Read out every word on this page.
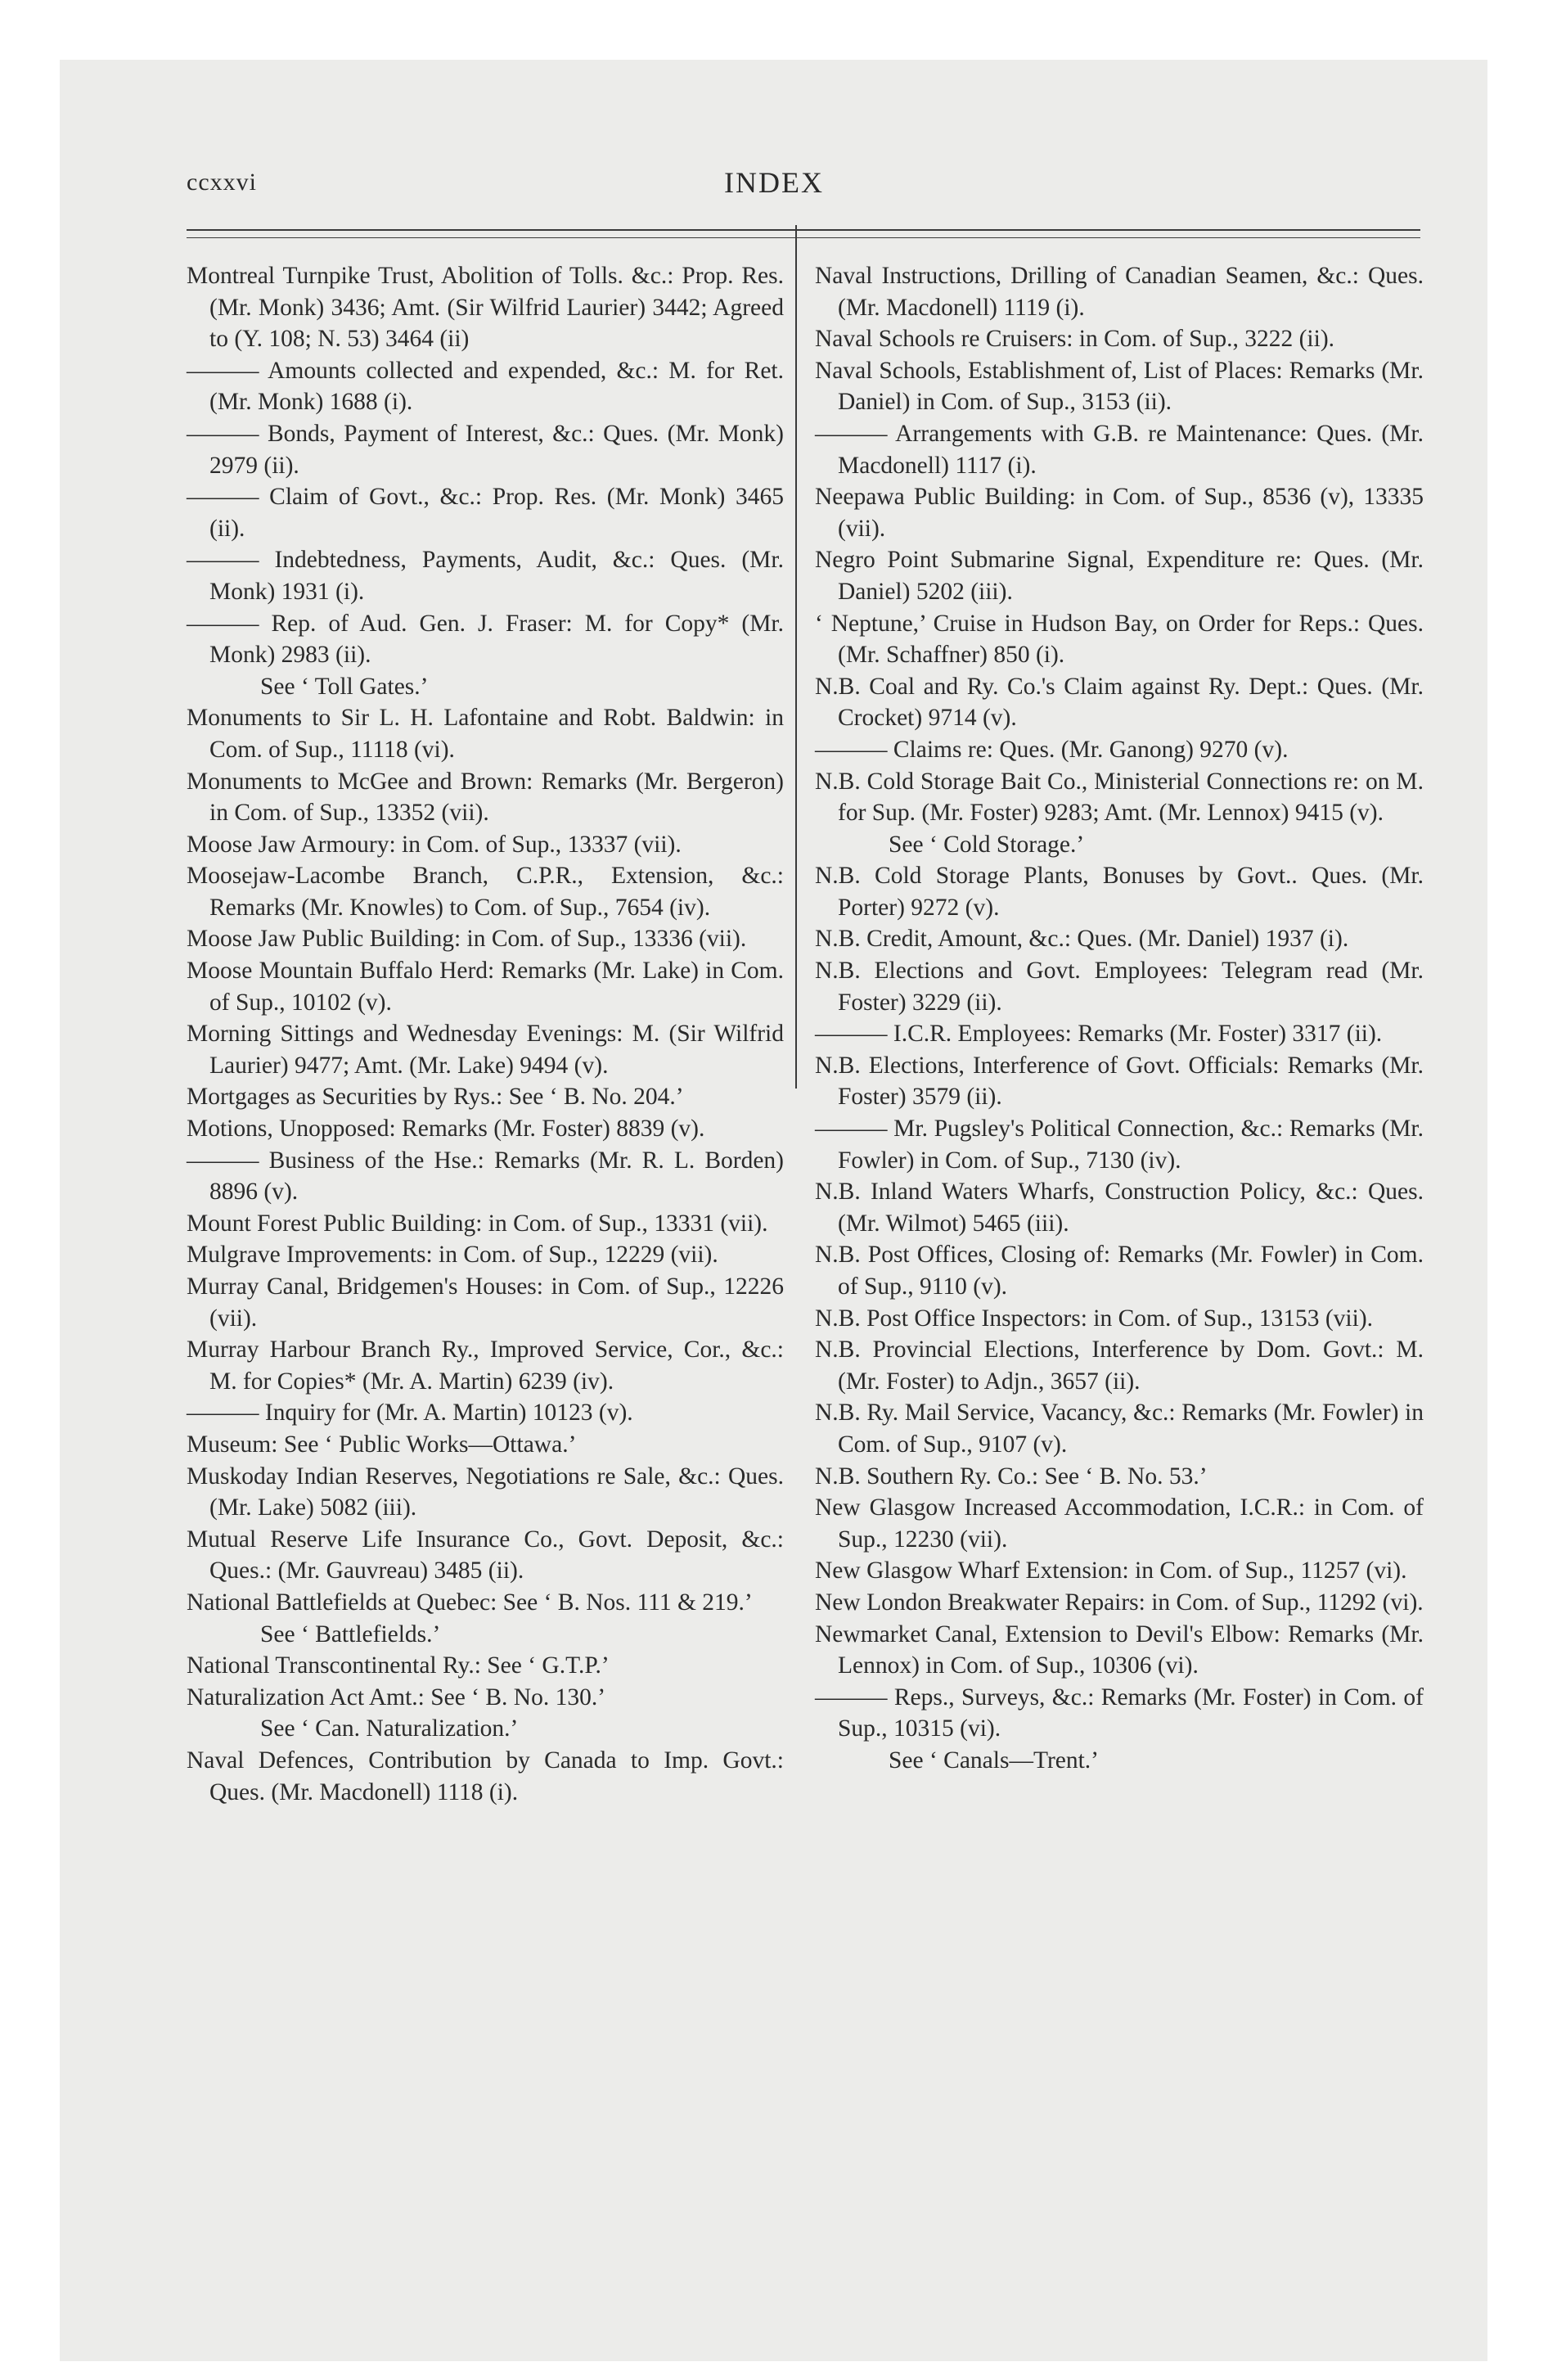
ccxxvi	INDEX

Montreal Turnpike Trust, Abolition of Tolls. &c.: Prop. Res. (Mr. Monk) 3436; Amt. (Sir Wilfrid Laurier) 3442; Agreed to (Y. 108; N. 53) 3464 (ii)

——— Amounts collected and expended, &c.: M. for Ret. (Mr. Monk) 1688 (i).

——— Bonds, Payment of Interest, &c.: Ques. (Mr. Monk) 2979 (ii).

——— Claim of Govt., &c.: Prop. Res. (Mr. Monk) 3465 (ii).

——— Indebtedness, Payments, Audit, &c.: Ques. (Mr. Monk) 1931 (i).

——— Rep. of Aud. Gen. J. Fraser: M. for Copy* (Mr. Monk) 2983 (ii).

See ‘ Toll Gates.’

Monuments to Sir L. H. Lafontaine and Robt. Baldwin: in Com. of Sup., 11118 (vi).

Monuments to McGee and Brown: Remarks (Mr. Bergeron) in Com. of Sup., 13352 (vii).

Moose Jaw Armoury: in Com. of Sup., 13337 (vii).

Moosejaw-Lacombe Branch, C.P.R., Extension, &c.: Remarks (Mr. Knowles) to Com. of Sup., 7654 (iv).

Moose Jaw Public Building: in Com. of Sup., 13336 (vii).

Moose Mountain Buffalo Herd: Remarks (Mr. Lake) in Com. of Sup., 10102 (v).

Morning Sittings and Wednesday Evenings: M. (Sir Wilfrid Laurier) 9477; Amt. (Mr. Lake) 9494 (v).

Mortgages as Securities by Rys.: See ‘ B. No. 204.’

Motions, Unopposed: Remarks (Mr. Foster) 8839 (v).

——— Business of the Hse.: Remarks (Mr. R. L. Borden) 8896 (v).

Mount Forest Public Building: in Com. of Sup., 13331 (vii).

Mulgrave Improvements: in Com. of Sup., 12229 (vii).

Murray Canal, Bridgemen's Houses: in Com. of Sup., 12226 (vii).

Murray Harbour Branch Ry., Improved Service, Cor., &c.: M. for Copies* (Mr. A. Martin) 6239 (iv).

——— Inquiry for (Mr. A. Martin) 10123 (v).

Museum: See ‘ Public Works—Ottawa.’

Muskoday Indian Reserves, Negotiations re Sale, &c.: Ques. (Mr. Lake) 5082 (iii).

Mutual Reserve Life Insurance Co., Govt. Deposit, &c.: Ques.: (Mr. Gauvreau) 3485 (ii).

National Battlefields at Quebec: See ‘ B. Nos. 111 & 219.’

See ‘ Battlefields.’

National Transcontinental Ry.: See ‘ G.T.P.’

Naturalization Act Amt.: See ‘ B. No. 130.’

See ‘ Can. Naturalization.’

Naval Defences, Contribution by Canada to Imp. Govt.: Ques. (Mr. Macdonell) 1118 (i).

Naval Instructions, Drilling of Canadian Seamen, &c.: Ques. (Mr. Macdonell) 1119 (i).

Naval Schools re Cruisers: in Com. of Sup., 3222 (ii).

Naval Schools, Establishment of, List of Places: Remarks (Mr. Daniel) in Com. of Sup., 3153 (ii).

——— Arrangements with G.B. re Maintenance: Ques. (Mr. Macdonell) 1117 (i).

Neepawa Public Building: in Com. of Sup., 8536 (v), 13335 (vii).

Negro Point Submarine Signal, Expenditure re: Ques. (Mr. Daniel) 5202 (iii).

‘ Neptune,’ Cruise in Hudson Bay, on Order for Reps.: Ques. (Mr. Schaffner) 850 (i).

N.B. Coal and Ry. Co.'s Claim against Ry. Dept.: Ques. (Mr. Crocket) 9714 (v).

——— Claims re: Ques. (Mr. Ganong) 9270 (v).

N.B. Cold Storage Bait Co., Ministerial Connections re: on M. for Sup. (Mr. Foster) 9283; Amt. (Mr. Lennox) 9415 (v).

See ‘ Cold Storage.’

N.B. Cold Storage Plants, Bonuses by Govt.. Ques. (Mr. Porter) 9272 (v).

N.B. Credit, Amount, &c.: Ques. (Mr. Daniel) 1937 (i).

N.B. Elections and Govt. Employees: Telegram read (Mr. Foster) 3229 (ii).

——— I.C.R. Employees: Remarks (Mr. Foster) 3317 (ii).

N.B. Elections, Interference of Govt. Officials: Remarks (Mr. Foster) 3579 (ii).

——— Mr. Pugsley's Political Connection, &c.: Remarks (Mr. Fowler) in Com. of Sup., 7130 (iv).

N.B. Inland Waters Wharfs, Construction Policy, &c.: Ques. (Mr. Wilmot) 5465 (iii).

N.B. Post Offices, Closing of: Remarks (Mr. Fowler) in Com. of Sup., 9110 (v).

N.B. Post Office Inspectors: in Com. of Sup., 13153 (vii).

N.B. Provincial Elections, Interference by Dom. Govt.: M. (Mr. Foster) to Adjn., 3657 (ii).

N.B. Ry. Mail Service, Vacancy, &c.: Remarks (Mr. Fowler) in Com. of Sup., 9107 (v).

N.B. Southern Ry. Co.: See ‘ B. No. 53.’

New Glasgow Increased Accommodation, I.C.R.: in Com. of Sup., 12230 (vii).

New Glasgow Wharf Extension: in Com. of Sup., 11257 (vi).

New London Breakwater Repairs: in Com. of Sup., 11292 (vi).

Newmarket Canal, Extension to Devil's Elbow: Remarks (Mr. Lennox) in Com. of Sup., 10306 (vi).

——— Reps., Surveys, &c.: Remarks (Mr. Foster) in Com. of Sup., 10315 (vi).

See ‘ Canals—Trent.’
